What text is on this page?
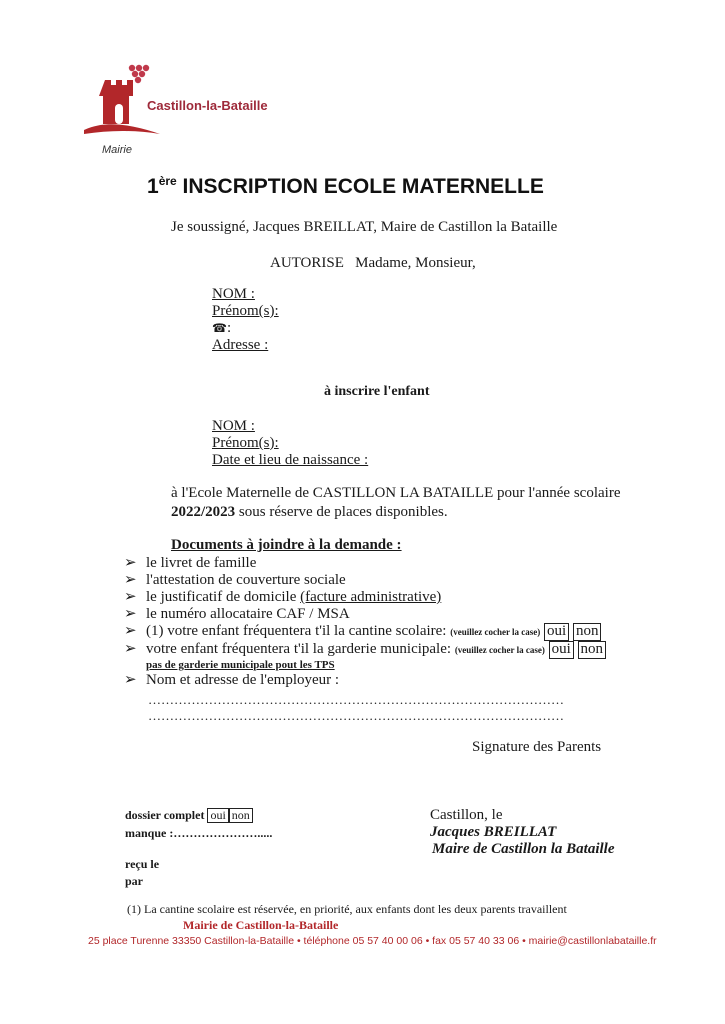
Castillon-la-Bataille
Mairie
1ère INSCRIPTION ECOLE MATERNELLE
Je soussigné, Jacques BREILLAT, Maire de Castillon la Bataille
AUTORISE   Madame, Monsieur,
NOM :
Prénom(s):
☎:
Adresse :
à inscrire l'enfant
NOM :
Prénom(s):
Date et lieu de naissance :
à l'Ecole Maternelle de CASTILLON LA BATAILLE pour l'année scolaire
2022/2023 sous réserve de places disponibles.
Documents à joindre à la demande :
➢ le livret de famille
➢ l'attestation de couverture sociale
➢ le justificatif de domicile (facture administrative)
➢ le numéro allocataire CAF / MSA
➢ (1) votre enfant fréquentera t'il la cantine scolaire: (veuillez cocher la case) oui non
➢ votre enfant fréquentera t'il la garderie municipale: (veuillez cocher la case) oui non
pas de garderie municipale pout les TPS
➢ Nom et adresse de l'employeur :
……………………………………………………………………………………
……………………………………………………………………………………
Signature des Parents
dossier complet oui non
manque :………………….....
reçu le
par
Castillon, le
Jacques BREILLAT
Maire de Castillon la Bataille
(1) La cantine scolaire est réservée, en priorité, aux enfants dont les deux parents travaillent
Mairie de Castillon-la-Bataille
25 place Turenne 33350 Castillon-la-Bataille • téléphone 05 57 40 00 06 • fax 05 57 40 33 06 • mairie@castillonlabataille.fr
